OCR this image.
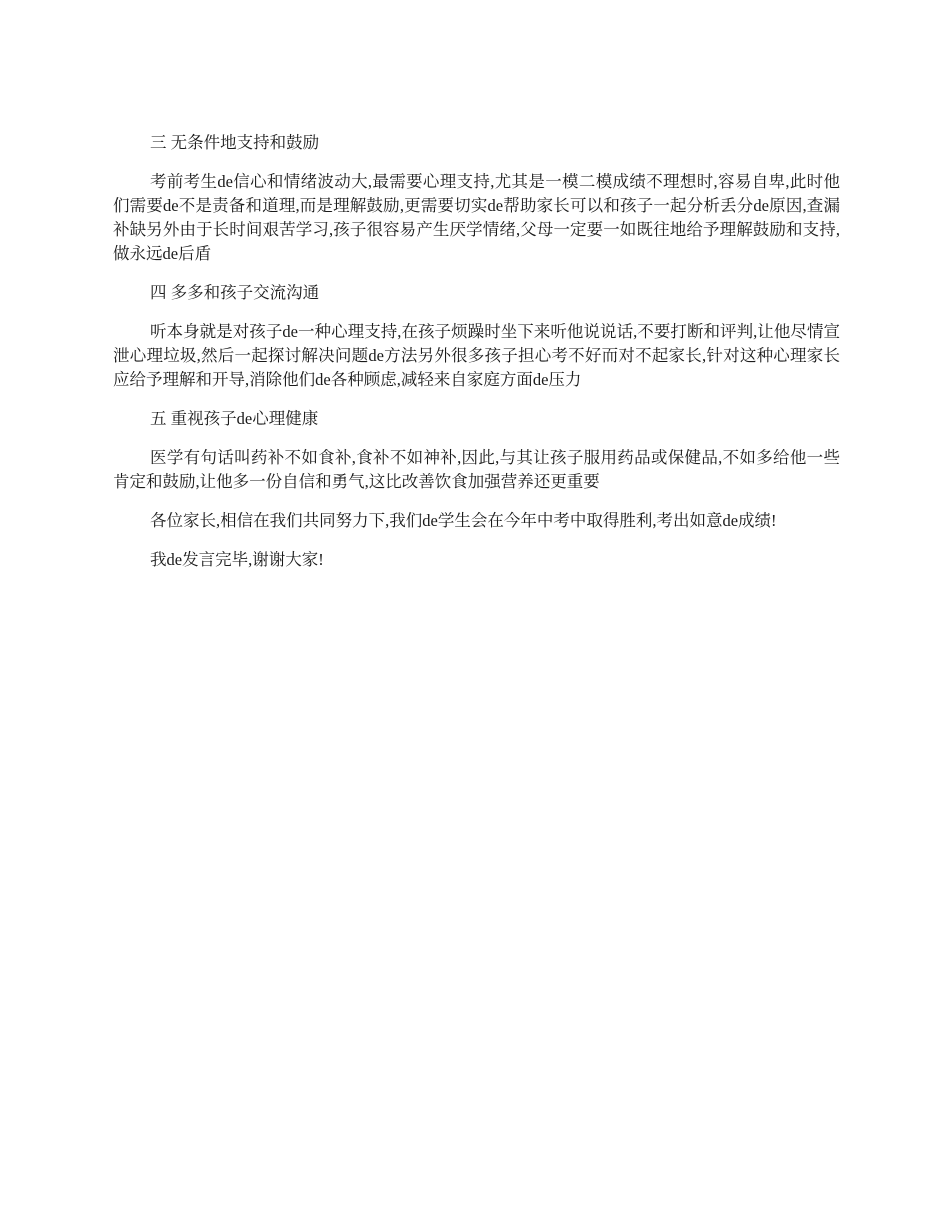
三 无条件地支持和鼓励

考前考生de信心和情绪波动大,最需要心理支持,尤其是一模二模成绩不理想时,容易自卑,此时他们需要de不是责备和道理,而是理解鼓励,更需要切实de帮助家长可以和孩子一起分析丢分de原因,查漏补缺另外由于长时间艰苦学习,孩子很容易产生厌学情绪,父母一定要一如既往地给予理解鼓励和支持,做永远de后盾

四 多多和孩子交流沟通

听本身就是对孩子de一种心理支持,在孩子烦躁时坐下来听他说说话,不要打断和评判,让他尽情宣泄心理垃圾,然后一起探讨解决问题de方法另外很多孩子担心考不好而对不起家长,针对这种心理家长应给予理解和开导,消除他们de各种顾虑,减轻来自家庭方面de压力

五 重视孩子de心理健康

医学有句话叫药补不如食补,食补不如神补,因此,与其让孩子服用药品或保健品,不如多给他一些肯定和鼓励,让他多一份自信和勇气,这比改善饮食加强营养还更重要

各位家长,相信在我们共同努力下,我们de学生会在今年中考中取得胜利,考出如意de成绩!

我de发言完毕,谢谢大家!
